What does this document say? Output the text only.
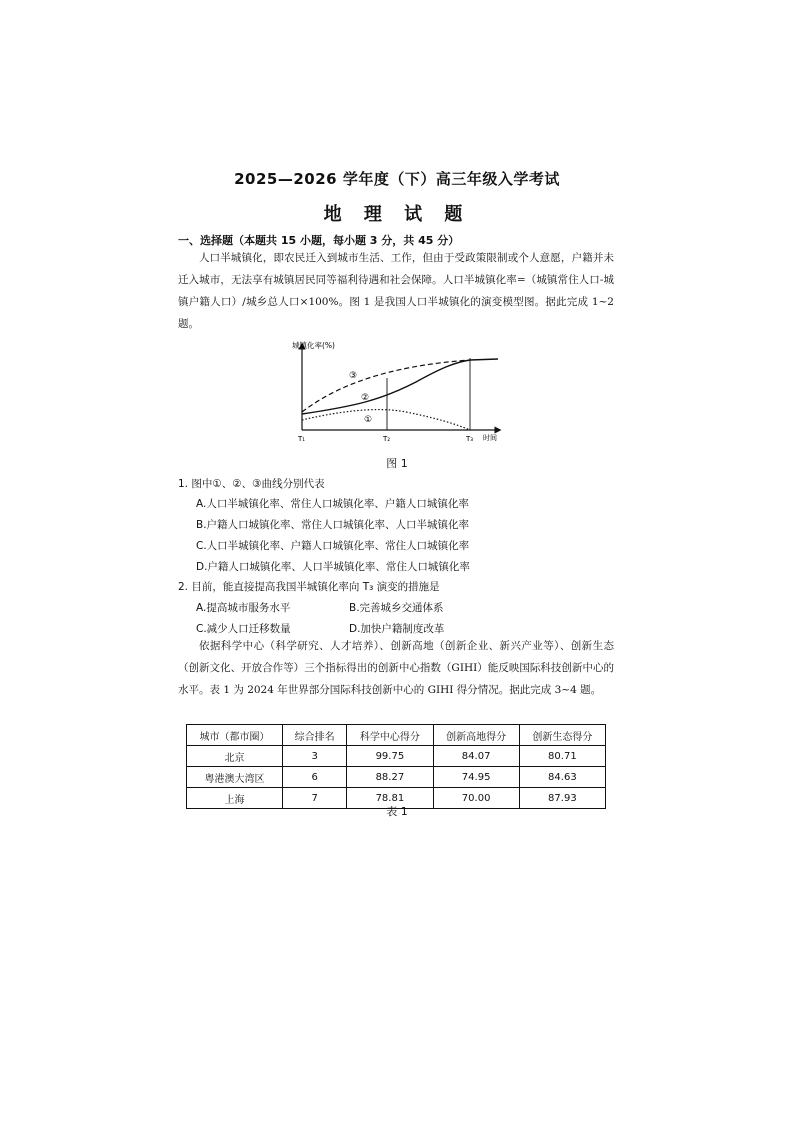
2025—2026 学年度（下）高三年级入学考试
地 理 试 题
一、选择题（本题共 15 小题，每小题 3 分，共 45 分）
人口半城镇化，即农民迁入到城市生活、工作，但由于受政策限制或个人意愿，户籍并未迁入城市，无法享有城镇居民同等福利待遇和社会保障。人口半城镇化率=（城镇常住人口-城镇户籍人口）/城乡总人口×100%。图 1 是我国人口半城镇化的演变模型图。据此完成 1~2 题。
城镇化率(%)
时间
T₁	T₂	T₃
①
②
③
图 1
1. 图中①、②、③曲线分别代表
A.人口半城镇化率、常住人口城镇化率、户籍人口城镇化率
B.户籍人口城镇化率、常住人口城镇化率、人口半城镇化率
C.人口半城镇化率、户籍人口城镇化率、常住人口城镇化率
D.户籍人口城镇化率、人口半城镇化率、常住人口城镇化率
2. 目前，能直接提高我国半城镇化率向 T₃ 演变的措施是
A.提高城市服务水平	B.完善城乡交通体系
C.减少人口迁移数量	D.加快户籍制度改革
依据科学中心（科学研究、人才培养）、创新高地（创新企业、新兴产业等）、创新生态（创新文化、开放合作等）三个指标得出的创新中心指数（GIHI）能反映国际科技创新中心的水平。表 1 为 2024 年世界部分国际科技创新中心的 GIHI 得分情况。据此完成 3~4 题。
城市（都市圈）	综合排名	科学中心得分	创新高地得分	创新生态得分
北京	3	99.75	84.07	80.71
粤港澳大湾区	6	88.27	74.95	84.63
上海	7	78.81	70.00	87.93
表 1
